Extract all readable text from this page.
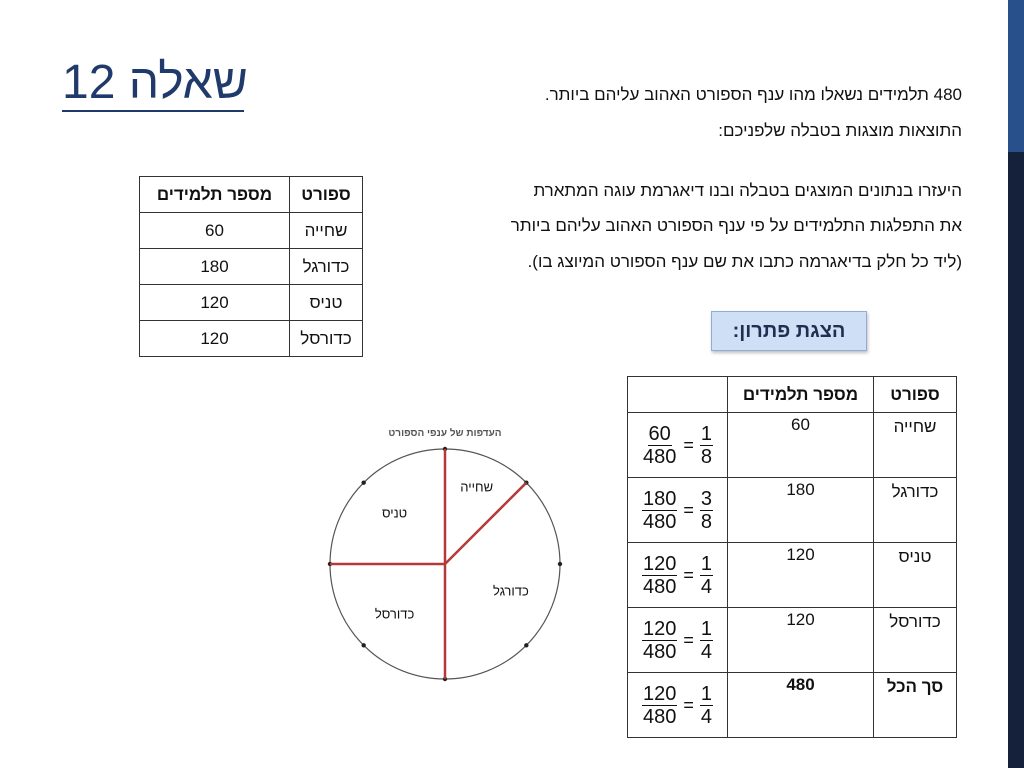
שאלה 12	480 תלמידים נשאלו מהו ענף הספורט האהוב עליהם ביותר.
התוצאות מוצגות בטבלה שלפניכם:
היעזרו בנתונים המוצגים בטבלה ובנו דיאגרמת עוגה המתארת
את התפלגות התלמידים על פי ענף הספורט האהוב עליהם ביותר
(ליד כל חלק בדיאגרמה כתבו את שם ענף הספורט המיוצג בו).
ספורט	מספר תלמידים
שחייה	60
כדורגל	180
טניס	120
כדורסל	120	הצגת פתרון:
ספורט	מספר תלמידים	
שחייה	60	$\frac{60}{480} = \frac{1}{8}$

כדורגל	180	$\frac{180}{480} = \frac{3}{8}$

טניס	120	$\frac{120}{480} = \frac{1}{4}$

כדורסל	120	$\frac{120}{480} = \frac{1}{4}$

סך הכל	480	$\frac{120}{480} = \frac{1}{4}$
העדפות של ענפי הספורט
שחייה
כדורגל
כדורסל
טניס
